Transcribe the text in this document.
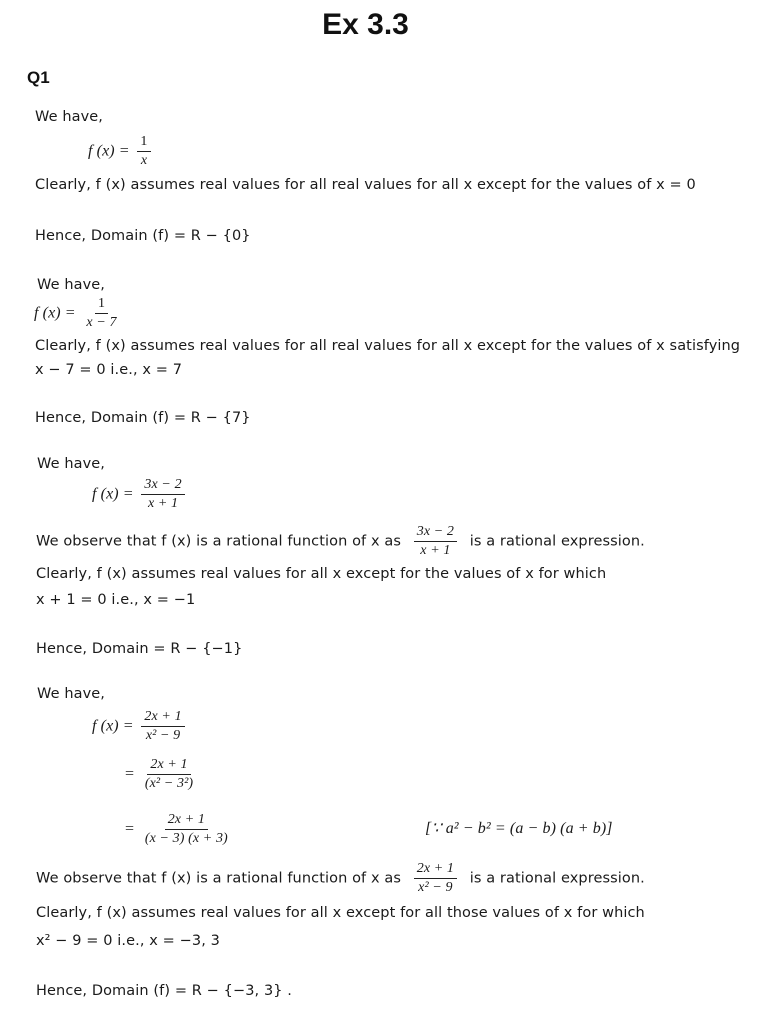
Ex 3.3
Q1
We have,
f $(x) = \frac{1}{x}$
Clearly, f (x) assumes real values for all real values for all x except for the values of x = 0
Hence, Domain (f) = R − {0}
We have,
f $(x) = \frac{1}{x - 7}$
Clearly, f (x) assumes real values for all real values for all x except for the values of x satisfying
x − 7 = 0 i.e., x = 7
Hence, Domain (f) = R − {7}
We have,
f $(x) = \frac{3x - 2}{x + 1}$
We observe that f (x) is a rational function of x as $\frac{3x - 2}{x + 1}$ is a rational expression.
Clearly, f (x) assumes real values for all x except for the values of x for which
x + 1 = 0 i.e., x = −1
Hence, Domain = R − {−1}
We have,
f $(x) = \frac{2x + 1}{\text{x² − 9}}$
= $\frac{2x + 1}{\text{(x² − 3²)}}$
= $\frac{2x + 1}{(x - 3) (x + 3)}$	[∵ a² − b² = (a − b) (a + b)]
We observe that f (x) is a rational function of x as $\frac{2x + 1}{\text{x² − 9}}$ is a rational expression.
Clearly, f (x) assumes real values for all x except for all those values of x for which
x² − 9 = 0 i.e., x = −3, 3
Hence, Domain (f) = R − {−3, 3} .
